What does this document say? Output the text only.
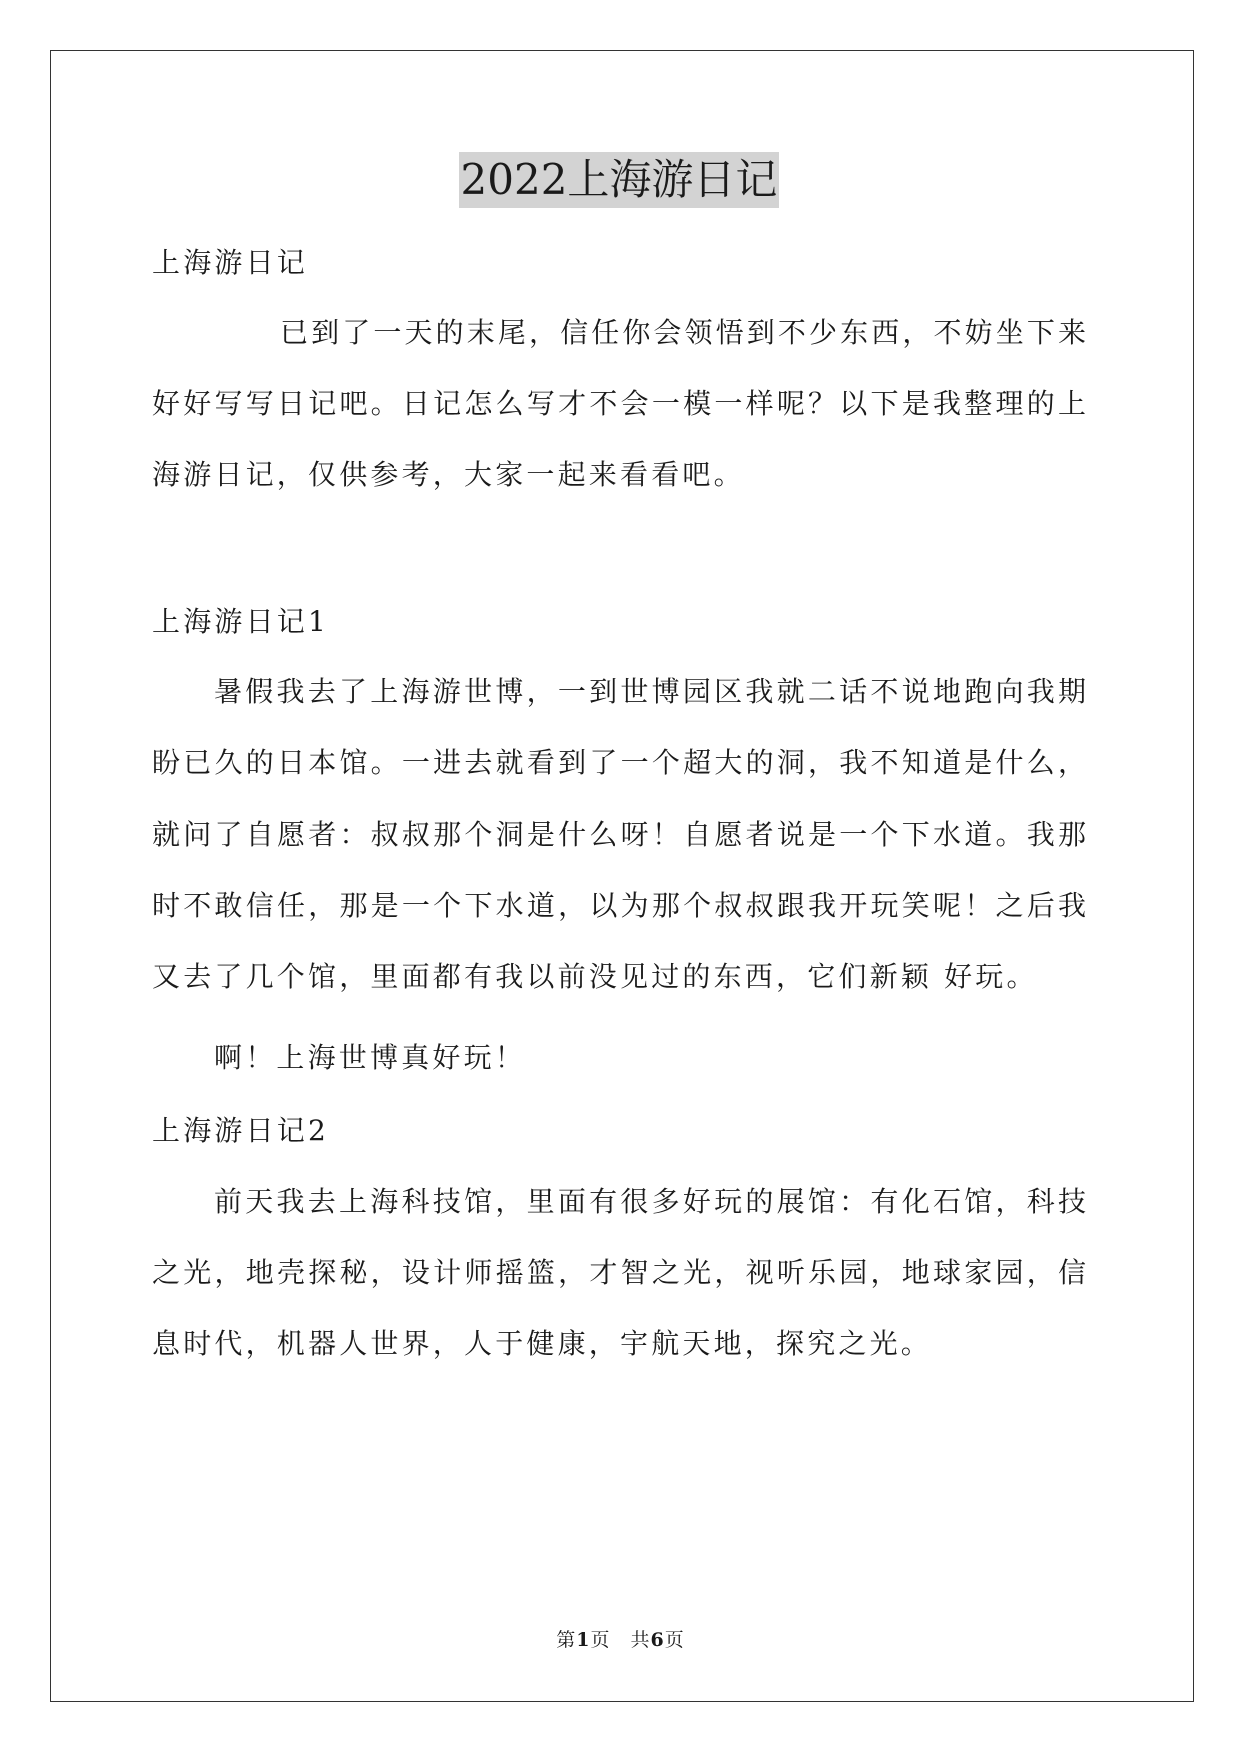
2022上海游日记
上海游日记
已到了一天的末尾，信任你会领悟到不少东西，不妨坐下来
好好写写日记吧。日记怎么写才不会一模一样呢？以下是我整理的上
海游日记，仅供参考，大家一起来看看吧。
上海游日记1
暑假我去了上海游世博，一到世博园区我就二话不说地跑向我期
盼已久的日本馆。一进去就看到了一个超大的洞，我不知道是什么，
就问了自愿者：叔叔那个洞是什么呀！自愿者说是一个下水道。我那
时不敢信任，那是一个下水道，以为那个叔叔跟我开玩笑呢！之后我
又去了几个馆，里面都有我以前没见过的东西，它们新颖 好玩。
啊！上海世博真好玩！
上海游日记2
前天我去上海科技馆，里面有很多好玩的展馆：有化石馆，科技
之光，地壳探秘，设计师摇篮，才智之光，视听乐园，地球家园，信
息时代，机器人世界，人于健康，宇航天地，探究之光。
第1页　共6页
